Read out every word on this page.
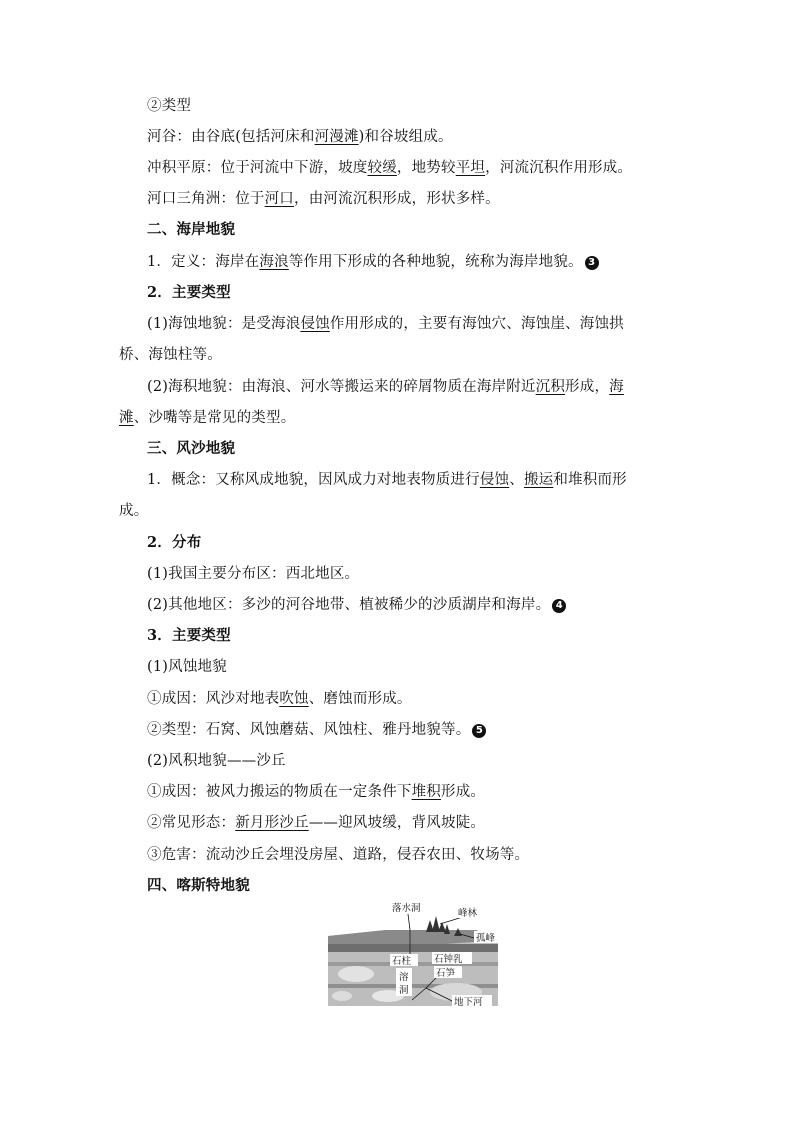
②类型
河谷：由谷底(包括河床和河漫滩)和谷坡组成。
冲积平原：位于河流中下游，坡度较缓，地势较平坦，河流沉积作用形成。
河口三角洲：位于河口，由河流沉积形成，形状多样。
二、海岸地貌
1．定义：海岸在海浪等作用下形成的各种地貌，统称为海岸地貌。 3
2．主要类型
(1)海蚀地貌：是受海浪侵蚀作用形成的，主要有海蚀穴、海蚀崖、海蚀拱
桥、海蚀柱等。
(2)海积地貌：由海浪、河水等搬运来的碎屑物质在海岸附近沉积形成，海
滩、沙嘴等是常见的类型。
三、风沙地貌
1．概念：又称风成地貌，因风成力对地表物质进行侵蚀、搬运和堆积而形
成。
2．分布
(1)我国主要分布区：西北地区。
(2)其他地区：多沙的河谷地带、植被稀少的沙质湖岸和海岸。 4
3．主要类型
(1)风蚀地貌
①成因：风沙对地表吹蚀、磨蚀而形成。
②类型：石窝、风蚀蘑菇、风蚀柱、雅丹地貌等。 5
(2)风积地貌——沙丘
①成因：被风力搬运的物质在一定条件下堆积形成。
②常见形态：新月形沙丘——迎风坡缓，背风坡陡。
③危害：流动沙丘会埋没房屋、道路，侵吞农田、牧场等。
四、喀斯特地貌
落水洞	峰林
孤峰
石柱 石钟乳
溶
洞
石笋
地下河
